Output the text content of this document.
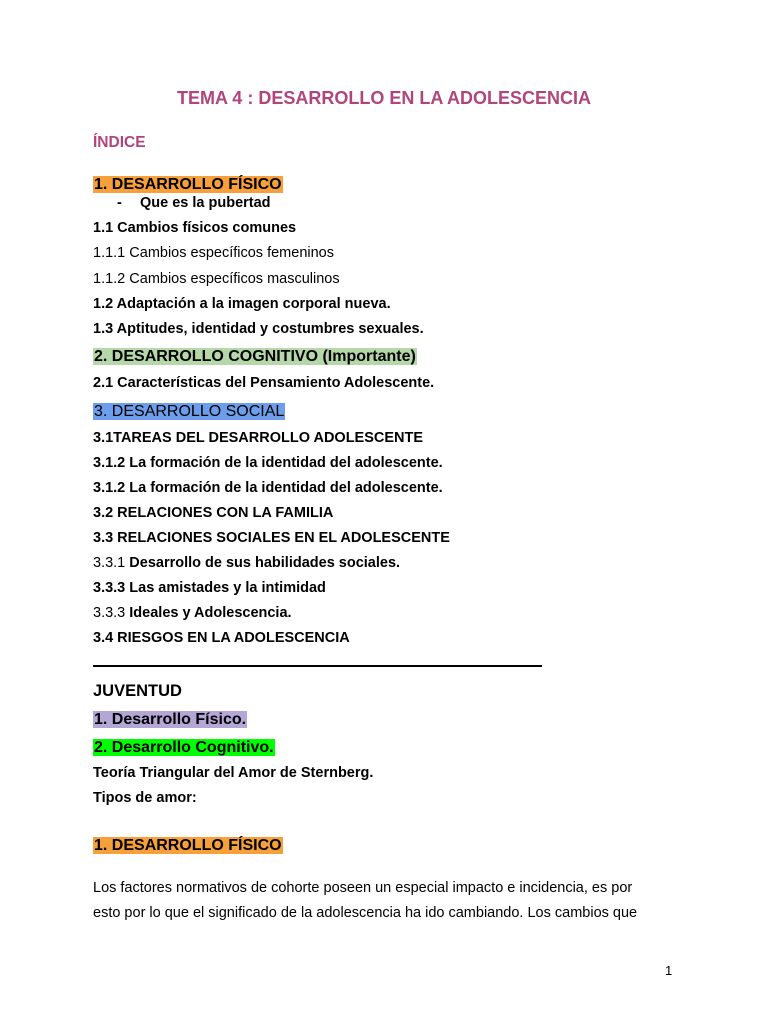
TEMA 4 : DESARROLLO EN LA ADOLESCENCIA
ÍNDICE
1. DESARROLLO FÍSICO
- Que es la pubertad
1.1 Cambios físicos comunes
1.1.1 Cambios específicos femeninos
1.1.2 Cambios específicos masculinos
1.2 Adaptación a la imagen corporal nueva.
1.3 Aptitudes, identidad y costumbres sexuales.
2. DESARROLLO COGNITIVO (Importante)
2.1 Características del Pensamiento Adolescente.
3. DESARROLLO SOCIAL
3.1TAREAS DEL DESARROLLO ADOLESCENTE
3.1.2 La formación de la identidad del adolescente.
3.1.2 La formación de la identidad del adolescente.
3.2 RELACIONES CON LA FAMILIA
3.3 RELACIONES SOCIALES EN EL ADOLESCENTE
3.3.1 Desarrollo de sus habilidades sociales.
3.3.3 Las amistades y la intimidad
3.3.3 Ideales y Adolescencia.
3.4 RIESGOS EN LA ADOLESCENCIA
JUVENTUD
1. Desarrollo Físico.
2. Desarrollo Cognitivo.
Teoría Triangular del Amor de Sternberg.
Tipos de amor:
1. DESARROLLO FÍSICO
Los factores normativos de cohorte poseen un especial impacto e incidencia, es por
esto por lo que el significado de la adolescencia ha ido cambiando. Los cambios que
1
